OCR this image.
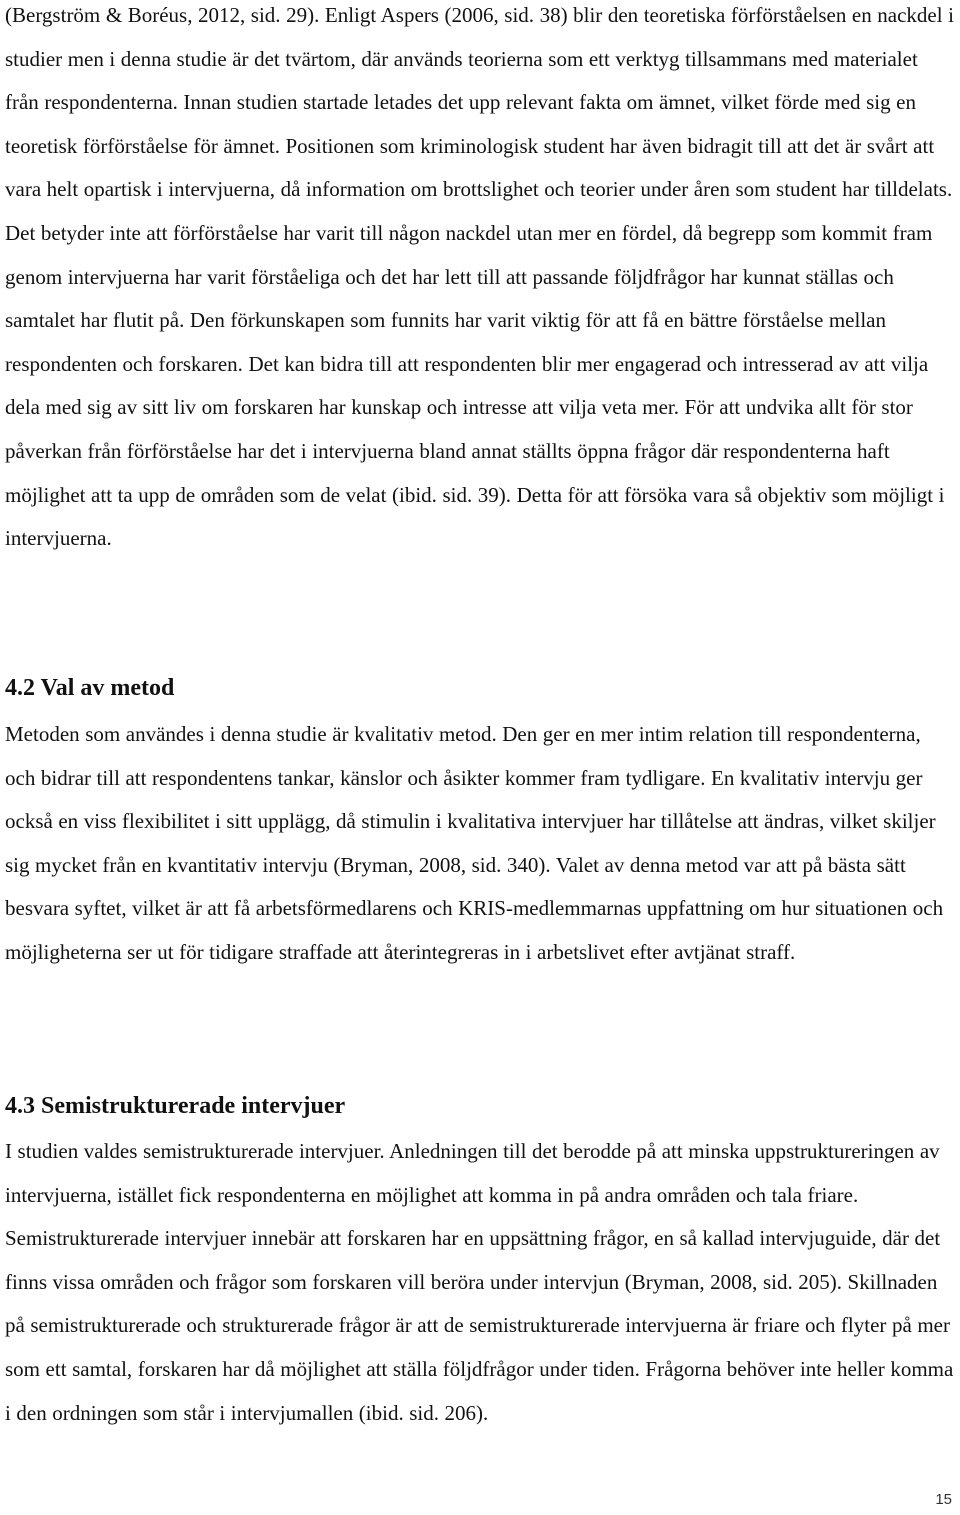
(Bergström & Boréus, 2012, sid. 29). Enligt Aspers (2006, sid. 38) blir den teoretiska förförståelsen en nackdel i studier men i denna studie är det tvärtom, där används teorierna som ett verktyg tillsammans med materialet från respondenterna. Innan studien startade letades det upp relevant fakta om ämnet, vilket förde med sig en teoretisk förförståelse för ämnet. Positionen som kriminologisk student har även bidragit till att det är svårt att vara helt opartisk i intervjuerna, då information om brottslighet och teorier under åren som student har tilldelats. Det betyder inte att förförståelse har varit till någon nackdel utan mer en fördel, då begrepp som kommit fram genom intervjuerna har varit förståeliga och det har lett till att passande följdfrågor har kunnat ställas och samtalet har flutit på. Den förkunskapen som funnits har varit viktig för att få en bättre förståelse mellan respondenten och forskaren. Det kan bidra till att respondenten blir mer engagerad och intresserad av att vilja dela med sig av sitt liv om forskaren har kunskap och intresse att vilja veta mer. För att undvika allt för stor påverkan från förförståelse har det i intervjuerna bland annat ställts öppna frågor där respondenterna haft möjlighet att ta upp de områden som de velat (ibid. sid. 39). Detta för att försöka vara så objektiv som möjligt i intervjuerna.

4.2 Val av metod

Metoden som användes i denna studie är kvalitativ metod. Den ger en mer intim relation till respondenterna, och bidrar till att respondentens tankar, känslor och åsikter kommer fram tydligare. En kvalitativ intervju ger också en viss flexibilitet i sitt upplägg, då stimulin i kvalitativa intervjuer har tillåtelse att ändras, vilket skiljer sig mycket från en kvantitativ intervju (Bryman, 2008, sid. 340). Valet av denna metod var att på bästa sätt besvara syftet, vilket är att få arbetsförmedlarens och KRIS-medlemmarnas uppfattning om hur situationen och möjligheterna ser ut för tidigare straffade att återintegreras in i arbetslivet efter avtjänat straff.

4.3 Semistrukturerade intervjuer

I studien valdes semistrukturerade intervjuer. Anledningen till det berodde på att minska uppstruktureringen av intervjuerna, istället fick respondenterna en möjlighet att komma in på andra områden och tala friare. Semistrukturerade intervjuer innebär att forskaren har en uppsättning frågor, en så kallad intervjuguide, där det finns vissa områden och frågor som forskaren vill beröra under intervjun (Bryman, 2008, sid. 205). Skillnaden på semistrukturerade och strukturerade frågor är att de semistrukturerade intervjuerna är friare och flyter på mer som ett samtal, forskaren har då möjlighet att ställa följdfrågor under tiden. Frågorna behöver inte heller komma i den ordningen som står i intervjumallen (ibid. sid. 206).

15
